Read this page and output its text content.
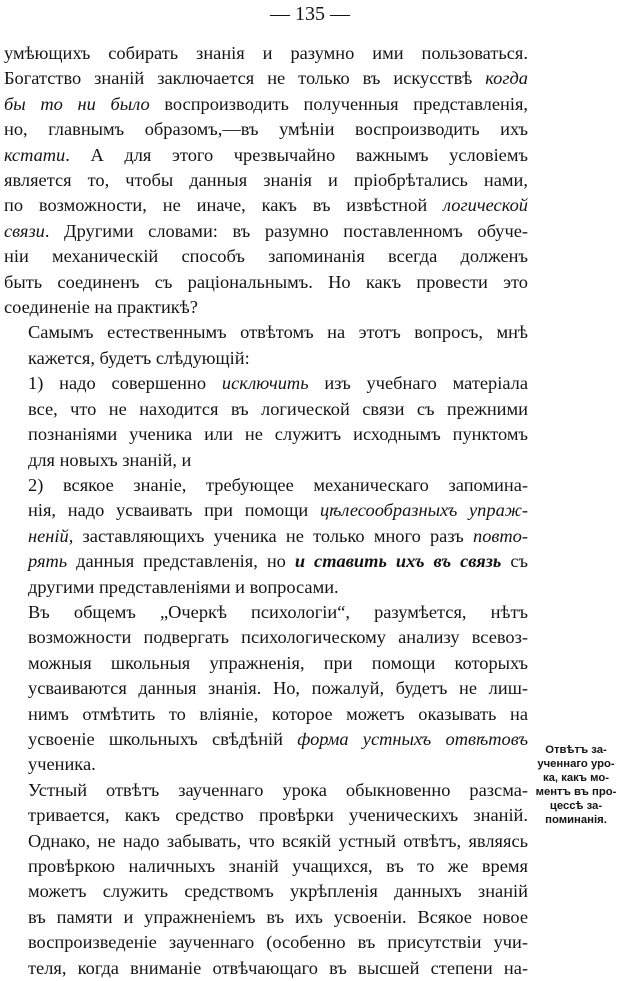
— 135 —

умѣющихъ собирать знанія и разумно ими пользоваться.
Богатство знаній заключается не только въ искусствѣ когда
бы то ни было воспроизводить полученныя представленія,
но, главнымъ образомъ,—въ умѣніи воспроизводить ихъ
кстати. А для этого чрезвычайно важнымъ условіемъ
является то, чтобы данныя знанія и пріобрѣтались нами,
по возможности, не иначе, какъ въ извѣстной логической
связи. Другими словами: въ разумно поставленномъ обуче-
ніи механическій способъ запоминанія всегда долженъ
быть соединенъ съ раціональнымъ. Но какъ провести это
соединеніе на практикѣ?

Самымъ естественнымъ отвѣтомъ на этотъ вопросъ, мнѣ
кажется, будетъ слѣдующій:

1) надо совершенно исключить изъ учебнаго матеріала
все, что не находится въ логической связи съ прежними
познаніями ученика или не служитъ исходнымъ пунктомъ
для новыхъ знаній, и

2) всякое знаніе, требующее механическаго запомина-
нія, надо усваивать при помощи цѣлесообразныхъ упраж-
неній, заставляющихъ ученика не только много разъ повто-
рять данныя представленія, но и ставить ихъ въ связь съ
другими представленіями и вопросами.

Въ общемъ „Очеркѣ психологіи“, разумѣется, нѣтъ
возможности подвергать психологическому анализу всевоз-
можныя школьныя упражненія, при помощи которыхъ
усваиваются данныя знанія. Но, пожалуй, будетъ не лиш-
нимъ отмѣтить то вліяніе, которое можетъ оказывать на
усвоеніе школьныхъ свѣдѣній форма устныхъ отвѣтовъ
ученика.

Устный отвѣтъ заученнаго урока обыкновенно разсма-
тривается, какъ средство провѣрки ученическихъ знаній.
Однако, не надо забывать, что всякій устный отвѣтъ, являясь
провѣркою наличныхъ знаній учащихся, въ то же время
можетъ служить средствомъ укрѣпленія данныхъ знаній
въ памяти и упражненіемъ въ ихъ усвоеніи. Всякое новое
воспроизведеніе заученнаго (особенно въ присутствіи учи-
теля, когда вниманіе отвѣчающаго въ высшей степени на-

Отвѣтъ за-
ученнаго уро-
ка, какъ мо-
ментъ въ про-
цессѣ за-
поминанія.
